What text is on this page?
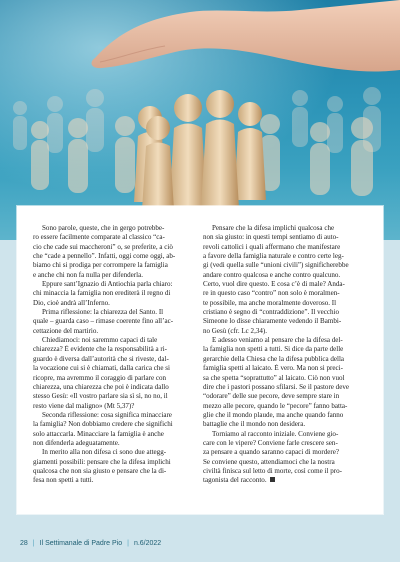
Sono parole, queste, che in gergo potrebbe-
ro essere facilmente comparate al classico “ca-
cio che cade sui maccheroni” o, se preferite, a ciò
che “cade a pennello”. Infatti, oggi come oggi, ab-
biamo chi si prodiga per corrompere la famiglia
e anche chi non fa nulla per difenderla.
Eppure sant’Ignazio di Antiochia parla chiaro:
chi minaccia la famiglia non erediterà il regno di
Dio, cioè andrà all’Inferno.
Prima riflessione: la chiarezza del Santo. Il
quale – guarda caso – rimase coerente fino all’ac-
cettazione del martirio.
Chiediamoci: noi saremmo capaci di tale
chiarezza? È evidente che la responsabilità a ri-
guardo è diversa dall’autorità che si riveste, dal-
la vocazione cui si è chiamati, dalla carica che si
ricopre, ma avremmo il coraggio di parlare con
chiarezza, una chiarezza che poi è indicata dallo
stesso Gesù: «Il vostro parlare sia sì sì, no no, il
resto viene dal maligno» (Mt 5,37)?
Seconda riflessione: cosa significa minacciare
la famiglia? Non dobbiamo credere che significhi
solo attaccarla. Minacciare la famiglia è anche
non difenderla adeguatamente.
In merito alla non difesa ci sono due attegg-
giamenti possibili: pensare che la difesa implichi
qualcosa che non sia giusto e pensare che la di-
fesa non spetti a tutti.
Pensare che la difesa implichi qualcosa che
non sia giusto: in questi tempi sentiamo di auto-
revoli cattolici i quali affermano che manifestare
a favore della famiglia naturale e contro certe leg-
gi (vedi quella sulle “unioni civili”) significherebbe
andare contro qualcosa e anche contro qualcuno.
Certo, vuol dire questo. E cosa c’è di male? Anda-
re in questo caso “contro” non solo è moralmen-
te possibile, ma anche moralmente doveroso. Il
cristiano è segno di “contraddizione”. Il vecchio
Simeone lo disse chiaramente vedendo il Bambi-
no Gesù (cfr. Lc 2,34).
E adesso veniamo al pensare che la difesa del-
la famiglia non spetti a tutti. Si dice da parte delle
gerarchie della Chiesa che la difesa pubblica della
famiglia spetti al laicato. È vero. Ma non si preci-
sa che spetta “soprattutto” al laicato. Ciò non vuol
dire che i pastori possano sfilarsi. Se il pastore deve
“odorare” delle sue pecore, deve sempre stare in
mezzo alle pecore, quando le “pecore” fanno batta-
glie che il mondo plaude, ma anche quando fanno
battaglie che il mondo non desidera.
Torniamo al racconto iniziale. Conviene gio-
care con le vipere? Conviene farle crescere sen-
za pensare a quando saranno capaci di mordere?
Se conviene questo, attendiamoci che la nostra
civiltà finisca sul letto di morte, così come il pro-
tagonista del racconto.
28 | Il Settimanale di Padre Pio | n.6/2022
